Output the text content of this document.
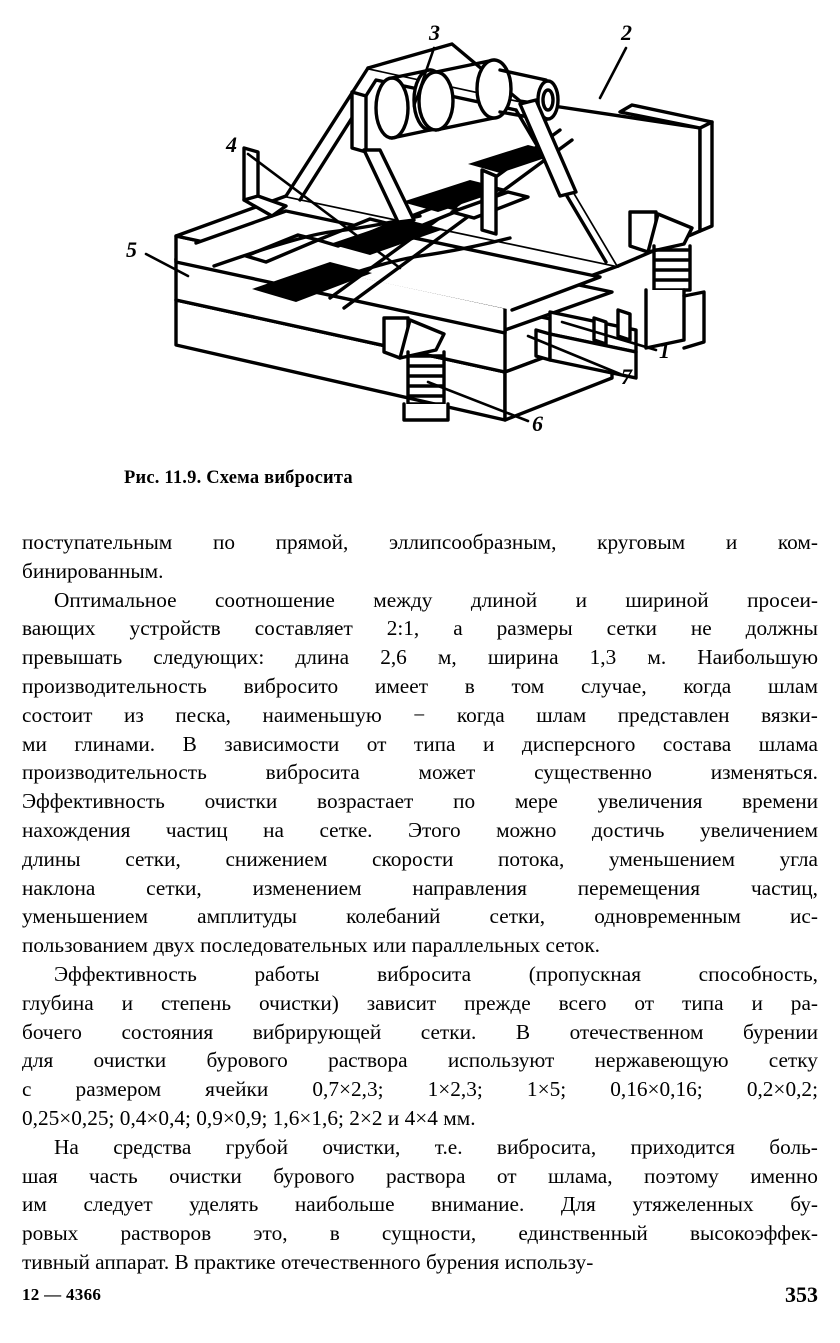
3	2
4
5
1
7
6
Рис. 11.9. Схема вибросита

поступательным по прямой, эллипсообразным, круговым и ком-
бинированным.

Оптимальное соотношение между длиной и шириной просеи-
вающих устройств составляет 2:1, а размеры сетки не должны
превышать следующих: длина 2,6 м, ширина 1,3 м. Наибольшую
производительность вибросито имеет в том случае, когда шлам
состоит из песка, наименьшую − когда шлам представлен вязки-
ми глинами. В зависимости от типа и дисперсного состава шлама
производительность	вибросита	может	существенно	изменяться.
Эффективность очистки возрастает по мере увеличения времени
нахождения частиц на сетке. Этого можно достичь увеличением
длины сетки, снижением скорости потока, уменьшением угла
наклона сетки, изменением направления перемещения частиц,
уменьшением амплитуды колебаний сетки, одновременным ис-
пользованием двух последовательных или параллельных сеток.

Эффективность	работы	вибросита	(пропускная	способность,
глубина и степень очистки) зависит прежде всего от типа и ра-
бочего состояния вибрирующей сетки. В отечественном бурении
для очистки бурового раствора используют нержавеющую сетку
с размером ячейки 0,7×2,3; 1×2,3; 1×5; 0,16×0,16; 0,2×0,2;
0,25×0,25; 0,4×0,4; 0,9×0,9; 1,6×1,6; 2×2 и 4×4 мм.

На средства грубой очистки, т.е. вибросита, приходится боль-
шая часть очистки бурового раствора от шлама, поэтому именно
им следует уделять наибольше внимание. Для утяжеленных бу-
ровых растворов это, в сущности, единственный высокоэффек-
тивный аппарат. В практике отечественного бурения использу-

12 — 4366	353
